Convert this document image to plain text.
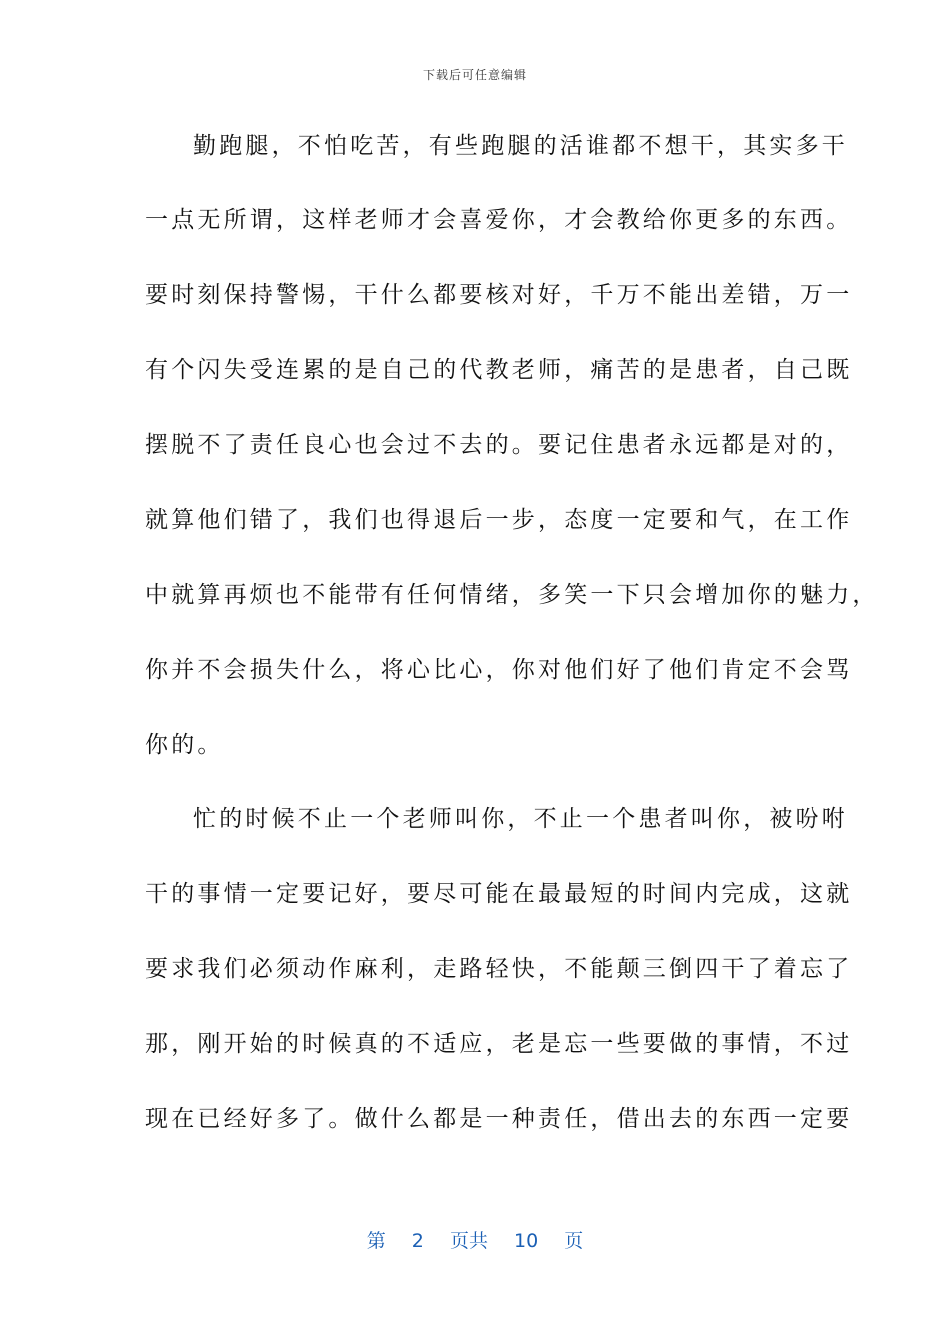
下载后可任意编辑
勤跑腿，不怕吃苦，有些跑腿的活谁都不想干，其实多干
一点无所谓，这样老师才会喜爱你，才会教给你更多的东西。
要时刻保持警惕，干什么都要核对好，千万不能出差错，万一
有个闪失受连累的是自己的代教老师，痛苦的是患者，自己既
摆脱不了责任良心也会过不去的。要记住患者永远都是对的，
就算他们错了，我们也得退后一步，态度一定要和气，在工作
中就算再烦也不能带有任何情绪，多笑一下只会增加你的魅力，
你并不会损失什么，将心比心，你对他们好了他们肯定不会骂
你的。
忙的时候不止一个老师叫你，不止一个患者叫你，被吩咐
干的事情一定要记好，要尽可能在最最短的时间内完成，这就
要求我们必须动作麻利，走路轻快，不能颠三倒四干了着忘了
那，刚开始的时候真的不适应，老是忘一些要做的事情，不过
现在已经好多了。做什么都是一种责任，借出去的东西一定要
第 2 页共 10 页
